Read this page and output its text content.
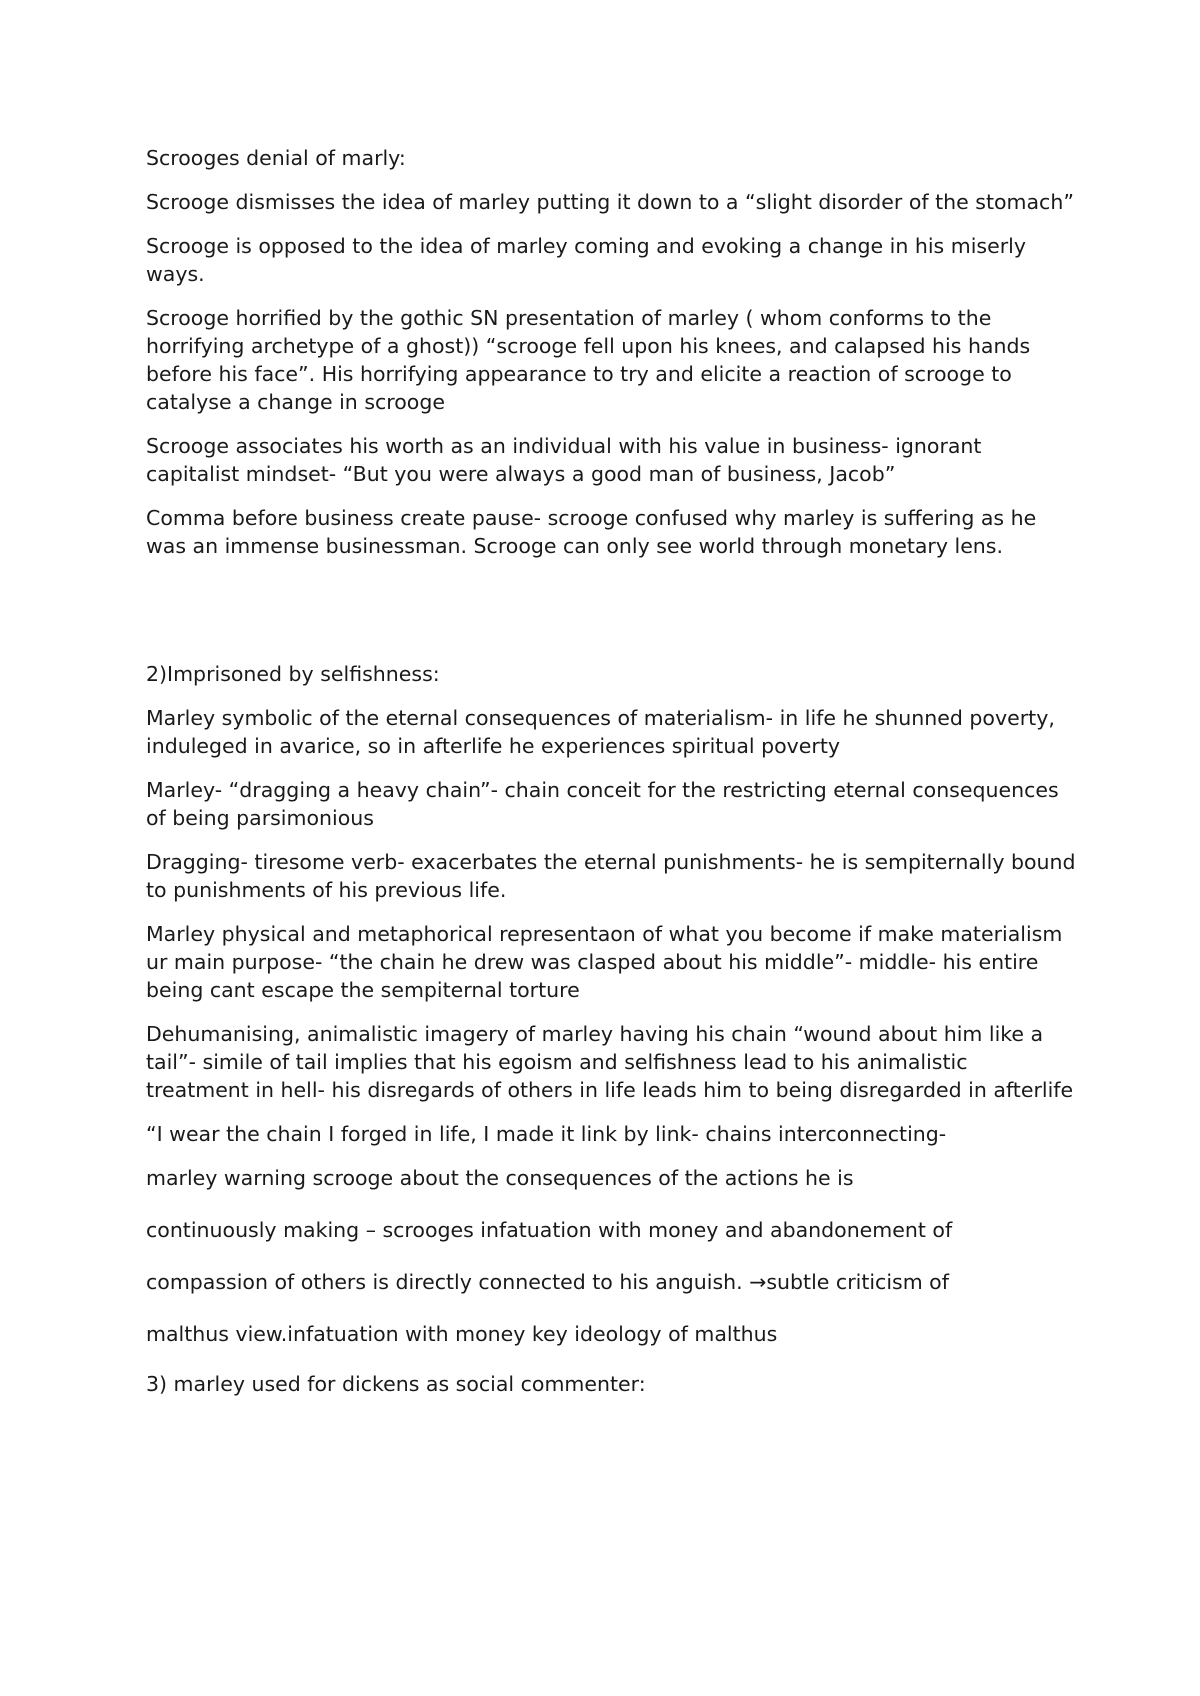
Scrooges denial of marly:

Scrooge dismisses the idea of marley putting it down to a “slight disorder of the stomach”

Scrooge is opposed to the idea of marley coming and evoking a change in his miserly ways.

Scrooge horrified by the gothic SN presentation of marley ( whom conforms to the horrifying archetype of a ghost)) “scrooge fell upon his knees, and calapsed his hands before his face”. His horrifying appearance to try and elicite a reaction of scrooge to catalyse a change in scrooge

Scrooge associates his worth as an individual with his value in business- ignorant capitalist mindset- “But you were always a good man of business, Jacob”

Comma before business create pause- scrooge confused why marley is suffering as he was an immense businessman. Scrooge can only see world through monetary lens.

2)Imprisoned by selfishness:

Marley symbolic of the eternal consequences of materialism- in life he shunned poverty, induleged in avarice, so in afterlife he experiences spiritual poverty

Marley- “dragging a heavy chain”- chain conceit for the restricting eternal consequences of being parsimonious

Dragging- tiresome verb- exacerbates the eternal punishments- he is sempiternally bound to punishments of his previous life.

Marley physical and metaphorical representaon of what you become if make materialism ur main purpose- “the chain he drew was clasped about his middle”- middle- his entire being cant escape the sempiternal torture

Dehumanising, animalistic imagery of marley having his chain “wound about him like a tail”- simile of tail implies that his egoism and selfishness lead to his animalistic treatment in hell- his disregards of others in life leads him to being disregarded in afterlife

“I wear the chain I forged in life, I made it link by link- chains interconnecting-

marley warning scrooge about the consequences of the actions he is

continuously making – scrooges infatuation with money and abandonement of

compassion of others is directly connected to his anguish. →subtle criticism of

malthus view.infatuation with money key ideology of malthus

3) marley used for dickens as social commenter:
